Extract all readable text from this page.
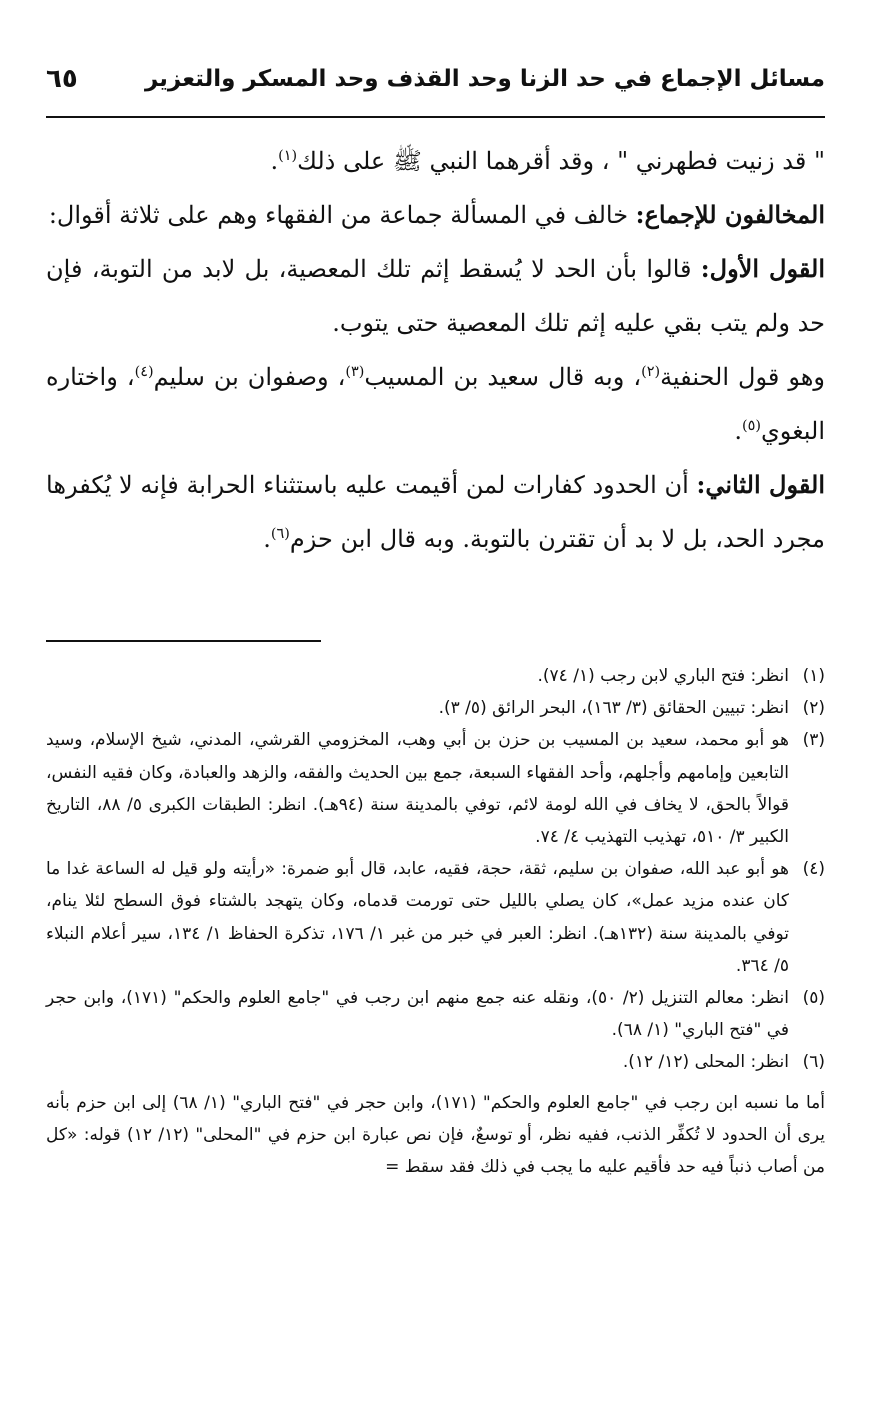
مسائل الإجماع في حد الزنا وحد القذف وحد المسكر والتعزير
٦٥

" قد زنيت فطهرني " ، وقد أقرهما النبي ﷺ على ذلك$^{(١)}$.

المخالفون للإجماع: خالف في المسألة جماعة من الفقهاء وهم على ثلاثة أقوال:

القول الأول: قالوا بأن الحد لا يُسقط إثم تلك المعصية، بل لابد من التوبة، فإن حد ولم يتب بقي عليه إثم تلك المعصية حتى يتوب.

وهو قول الحنفية$^{(٢)}$، وبه قال سعيد بن المسيب$^{(٣)}$، وصفوان بن سليم$^{(٤)}$، واختاره البغوي$^{(٥)}$.

القول الثاني: أن الحدود كفارات لمن أقيمت عليه باستثناء الحرابة فإنه لا يُكفرها مجرد الحد، بل لا بد أن تقترن بالتوبة. وبه قال ابن حزم$^{(٦)}$.

(١)
انظر: فتح الباري لابن رجب (١/ ٧٤).
(٢)
انظر: تبيين الحقائق (٣/ ١٦٣)، البحر الرائق (٥/ ٣).
(٣)
هو أبو محمد، سعيد بن المسيب بن حزن بن أبي وهب، المخزومي القرشي، المدني، شيخ الإسلام، وسيد التابعين وإمامهم وأجلهم، وأحد الفقهاء السبعة، جمع بين الحديث والفقه، والزهد والعبادة، وكان فقيه النفس، قوالاً بالحق، لا يخاف في الله لومة لائم، توفي بالمدينة سنة (٩٤هـ). انظر: الطبقات الكبرى ٥/ ٨٨، التاريخ الكبير ٣/ ٥١٠، تهذيب التهذيب ٤/ ٧٤.
(٤)
هو أبو عبد الله، صفوان بن سليم، ثقة، حجة، فقيه، عابد، قال أبو ضمرة: «رأيته ولو قيل له الساعة غدا ما كان عنده مزيد عمل»، كان يصلي بالليل حتى تورمت قدماه، وكان يتهجد بالشتاء فوق السطح لئلا ينام، توفي بالمدينة سنة (١٣٢هـ). انظر: العبر في خبر من غبر ١/ ١٧٦، تذكرة الحفاظ ١/ ١٣٤، سير أعلام النبلاء ٥/ ٣٦٤.
(٥)
انظر: معالم التنزيل (٢/ ٥٠)، ونقله عنه جمع منهم ابن رجب في "جامع العلوم والحكم" (١٧١)، وابن حجر في "فتح الباري" (١/ ٦٨).
(٦)
انظر: المحلى (١٢/ ١٢).

أما ما نسبه ابن رجب في "جامع العلوم والحكم" (١٧١)، وابن حجر في "فتح الباري" (١/ ٦٨) إلى ابن حزم بأنه يرى أن الحدود لا تُكفِّر الذنب، ففيه نظر، أو توسعٌ، فإن نص عبارة ابن حزم في "المحلى" (١٢/ ١٢) قوله: «كل من أصاب ذنباً فيه حد فأقيم عليه ما يجب في ذلك فقد سقط =
